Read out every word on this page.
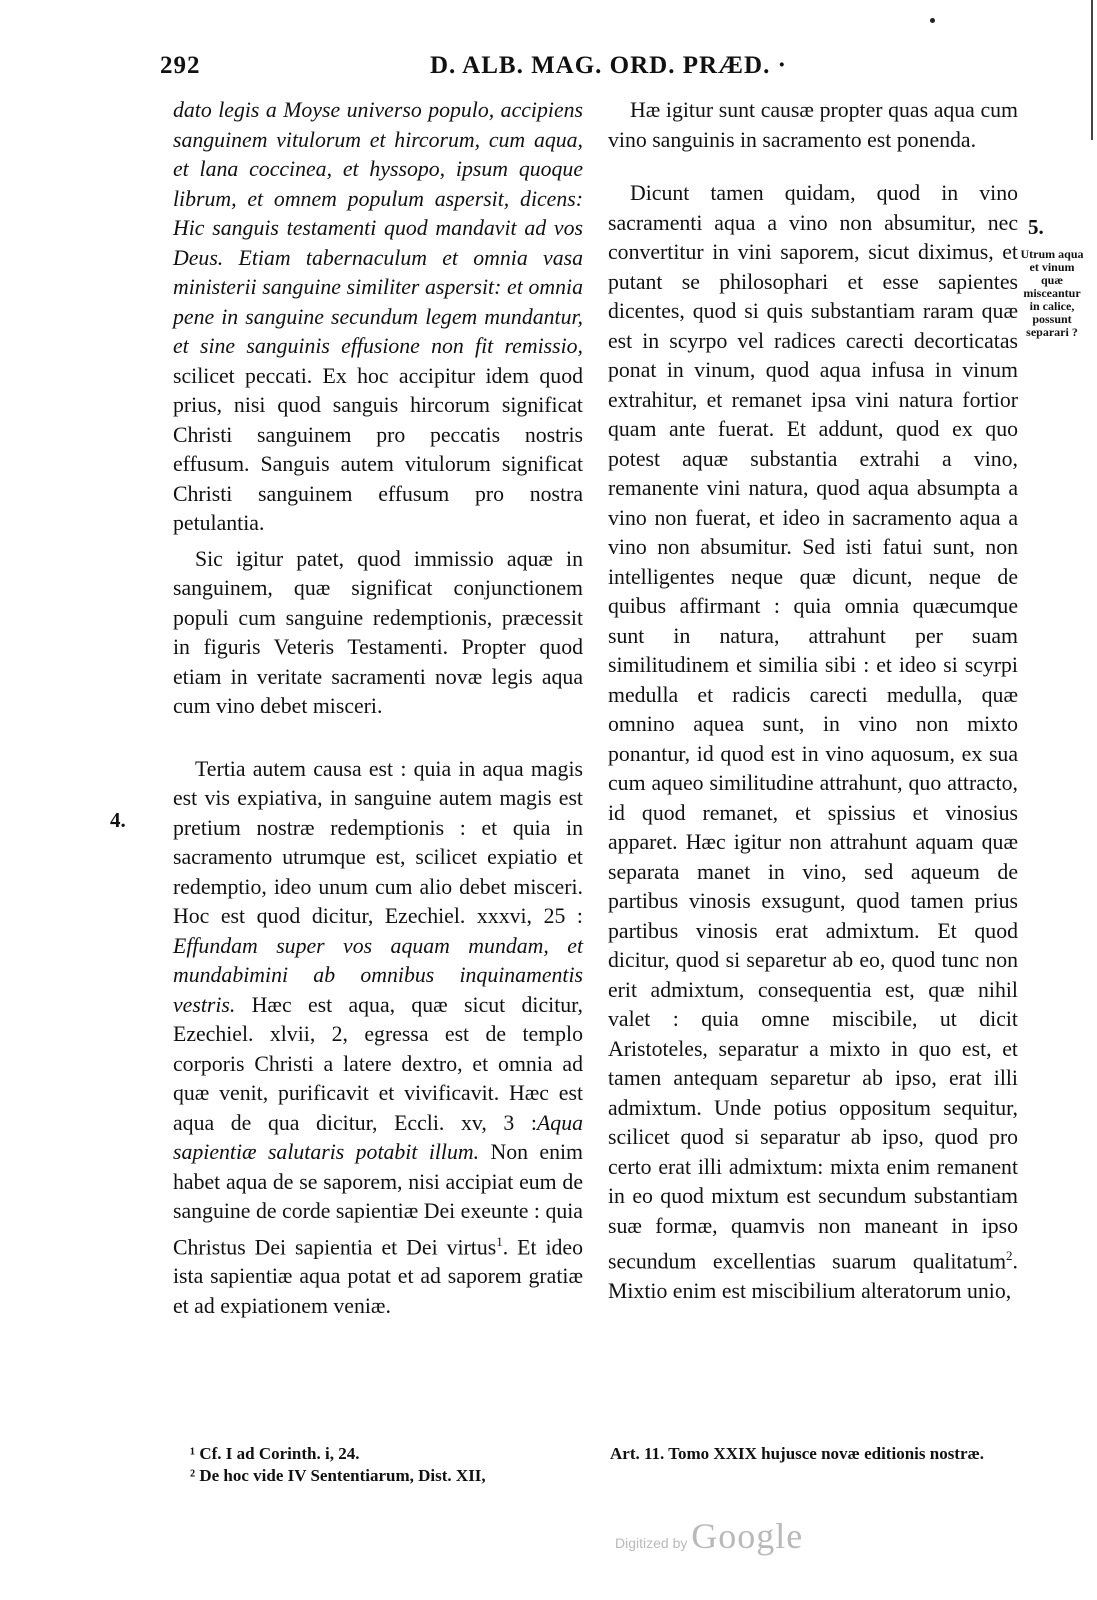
292	D. ALB. MAG. ORD. PRÆD. ·

dato legis a Moyse universo populo, accipiens sanguinem vitulorum et hircorum, cum aqua, et lana coccinea, et hyssopo, ipsum quoque librum, et omnem populum aspersit, dicens: Hic sanguis testamenti quod mandavit ad vos Deus. Etiam tabernaculum et omnia vasa ministerii sanguine similiter aspersit: et omnia pene in sanguine secundum legem mundantur, et sine sanguinis effusione non fit remissio, scilicet peccati. Ex hoc accipitur idem quod prius, nisi quod sanguis hircorum significat Christi sanguinem pro peccatis nostris effusum. Sanguis autem vitulorum significat Christi sanguinem effusum pro nostra petulantia.

Sic igitur patet, quod immissio aquæ in sanguinem, quæ significat conjunctionem populi cum sanguine redemptionis, præcessit in figuris Veteris Testamenti. Propter quod etiam in veritate sacramenti novæ legis aqua cum vino debet misceri.

Tertia autem causa est : quia in aqua magis est vis expiativa, in sanguine autem magis est pretium nostræ redemptionis : et quia in sacramento utrumque est, scilicet expiatio et redemptio, ideo unum cum alio debet misceri. Hoc est quod dicitur, Ezechiel. xxxvi, 25 : Effundam super vos aquam mundam, et mundabimini ab omnibus inquinamentis vestris. Hæc est aqua, quæ sicut dicitur, Ezechiel. xlvii, 2, egressa est de templo corporis Christi a latere dextro, et omnia ad quæ venit, purificavit et vivificavit. Hæc est aqua de qua dicitur, Eccli. xv, 3 :Aqua sapientiæ salutaris potabit illum. Non enim habet aqua de se saporem, nisi accipiat eum de sanguine de corde sapientiæ Dei exeunte : quia Christus Dei sapientia et Dei virtus$^1$. Et ideo ista sapientiæ aqua potat et ad saporem gratiæ et ad expiationem veniæ.

4.

Hæ igitur sunt causæ propter quas aqua cum vino sanguinis in sacramento est ponenda.

Dicunt tamen quidam, quod in vino sacramenti aqua a vino non absumitur, nec convertitur in vini saporem, sicut diximus, et putant se philosophari et esse sapientes dicentes, quod si quis substantiam raram quæ est in scyrpo vel radices carecti decorticatas ponat in vinum, quod aqua infusa in vinum extrahitur, et remanet ipsa vini natura fortior quam ante fuerat. Et addunt, quod ex quo potest aquæ substantia extrahi a vino, remanente vini natura, quod aqua absumpta a vino non fuerat, et ideo in sacramento aqua a vino non absumitur. Sed isti fatui sunt, non intelligentes neque quæ dicunt, neque de quibus affirmant : quia omnia quæcumque sunt in natura, attrahunt per suam similitudinem et similia sibi : et ideo si scyrpi medulla et radicis carecti medulla, quæ omnino aquea sunt, in vino non mixto ponantur, id quod est in vino aquosum, ex sua cum aqueo similitudine attrahunt, quo attracto, id quod remanet, et spissius et vinosius apparet. Hæc igitur non attrahunt aquam quæ separata manet in vino, sed aqueum de partibus vinosis exsugunt, quod tamen prius partibus vinosis erat admixtum. Et quod dicitur, quod si separetur ab eo, quod tunc non erit admixtum, consequentia est, quæ nihil valet : quia omne miscibile, ut dicit Aristoteles, separatur a mixto in quo est, et tamen antequam separetur ab ipso, erat illi admixtum. Unde potius oppositum sequitur, scilicet quod si separatur ab ipso, quod pro certo erat illi admixtum: mixta enim remanent in eo quod mixtum est secundum substantiam suæ formæ, quamvis non maneant in ipso secundum excellentias suarum qualitatum$^2$. Mixtio enim est miscibilium alteratorum unio,

5.
Utrum aqua et vinum quæ misceantur in calice, possunt separari ?
¹ Cf. I ad Corinth. i, 24.
² De hoc vide IV Sententiarum, Dist. XII,

Art. 11. Tomo XXIX hujusce novæ editionis nostræ.

Digitized by Google
